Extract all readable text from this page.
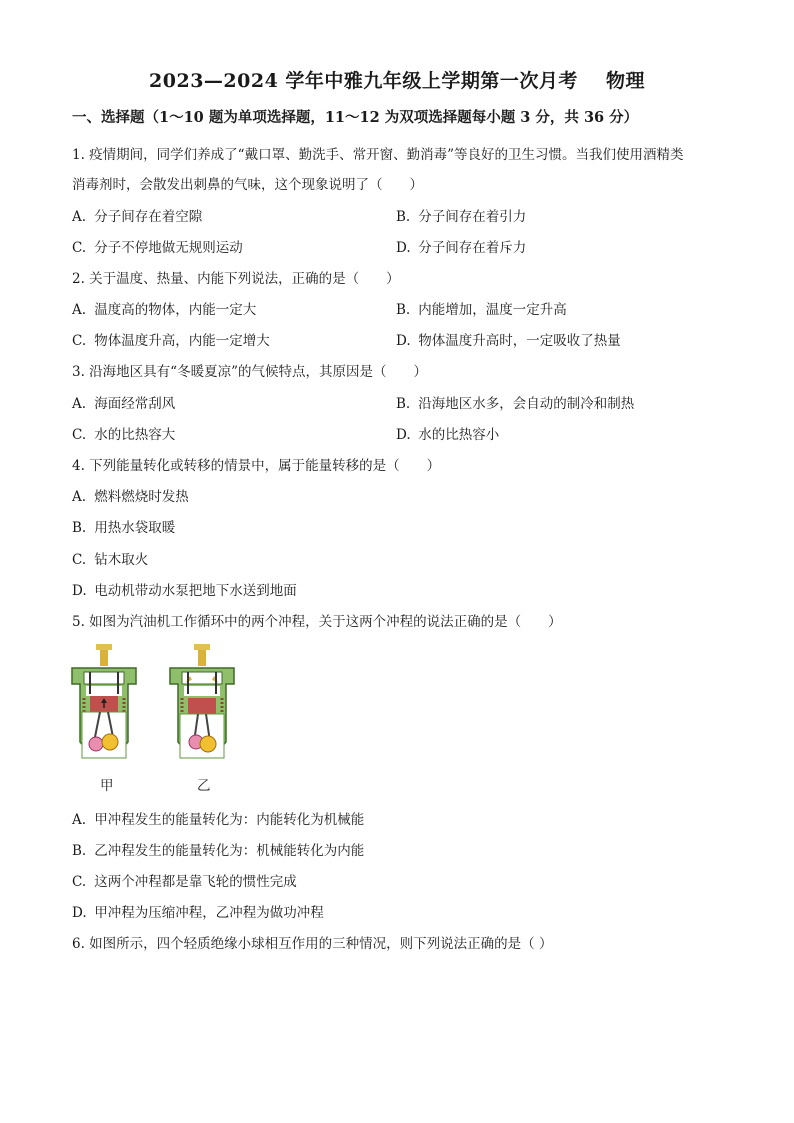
2023—2024 学年中雅九年级上学期第一次月考 物理
一、选择题（1～10 题为单项选择题，11～12 为双项选择题每小题 3 分，共 36 分）
1. 疫情期间，同学们养成了“戴口罩、勤洗手、常开窗、勤消毒”等良好的卫生习惯。当我们使用酒精类
消毒剂时，会散发出刺鼻的气味，这个现象说明了（　　）
A. 分子间存在着空隙	B. 分子间存在着引力
C. 分子不停地做无规则运动	D. 分子间存在着斥力
2. 关于温度、热量、内能下列说法，正确的是（　　）
A. 温度高的物体，内能一定大	B. 内能增加，温度一定升高
C. 物体温度升高，内能一定增大	D. 物体温度升高时，一定吸收了热量
3. 沿海地区具有“冬暖夏凉”的气候特点，其原因是（　　）
A. 海面经常刮风	B. 沿海地区水多，会自动的制冷和制热
C. 水的比热容大	D. 水的比热容小
4. 下列能量转化或转移的情景中，属于能量转移的是（　　）
A. 燃料燃烧时发热
B. 用热水袋取暖
C. 钻木取火
D. 电动机带动水泵把地下水送到地面
5. 如图为汽油机工作循环中的两个冲程，关于这两个冲程的说法正确的是（　　）
甲	乙
A. 甲冲程发生的能量转化为：内能转化为机械能
B. 乙冲程发生的能量转化为：机械能转化为内能
C. 这两个冲程都是靠飞轮的惯性完成
D. 甲冲程为压缩冲程，乙冲程为做功冲程
6. 如图所示，四个轻质绝缘小球相互作用的三种情况，则下列说法正确的是（ ）
